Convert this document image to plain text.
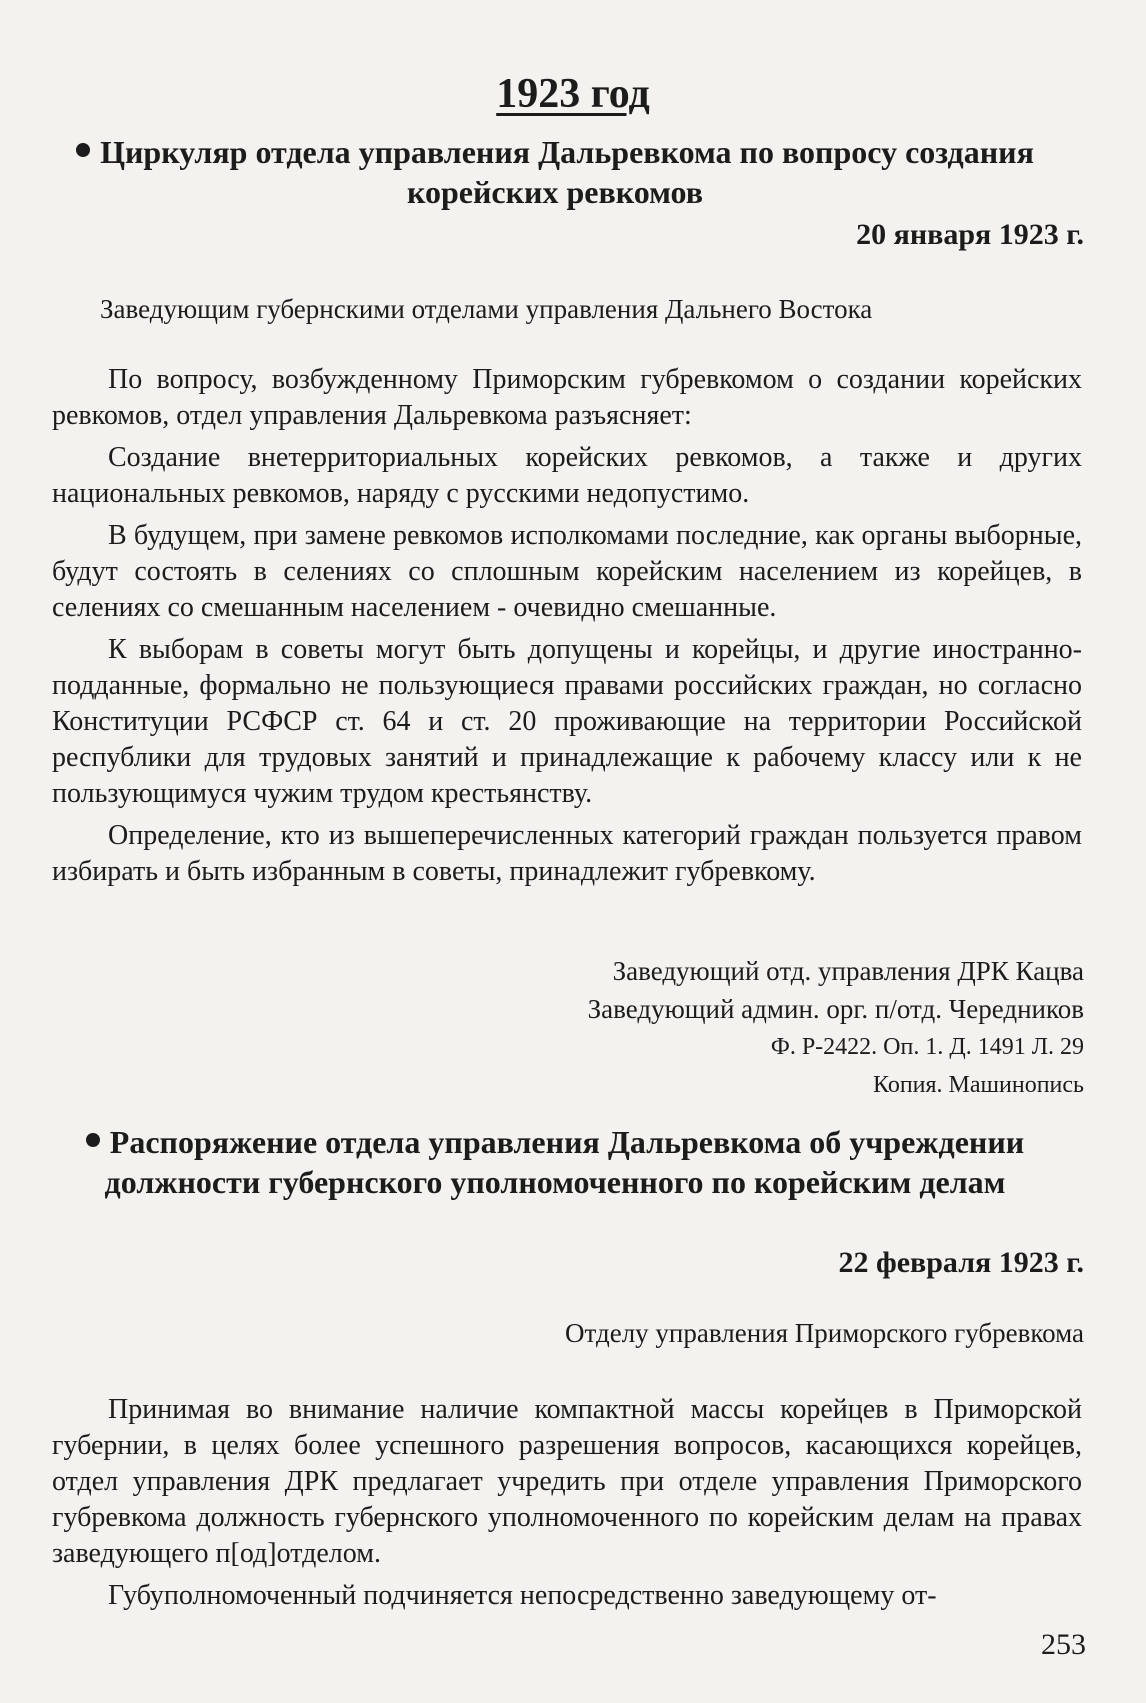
1923 год
Циркуляр отдела управления Дальревкома по вопросу создания
корейских ревкомов
20 января 1923 г.
Заведующим губернскими отделами управления Дальнего Востока

По вопросу, возбужденному Приморским губревкомом о создании корейских ревкомов, отдел управления Дальревкома разъясняет:

Создание внетерриториальных корейских ревкомов, а также и других национальных ревкомов, наряду с русскими недопустимо.

В будущем, при замене ревкомов исполкомами последние, как органы выборные, будут состоять в селениях со сплошным корейским населением из корейцев, в селениях со смешанным населением - очевидно смешанные.

К выборам в советы могут быть допущены и корейцы, и другие иностранно-подданные, формально не пользующиеся правами российских граждан, но согласно Конституции РСФСР ст. 64 и ст. 20 проживающие на территории Российской республики для трудовых занятий и принадлежащие к рабочему классу или к не пользующимуся чужим трудом крестьянству.

Определение, кто из вышеперечисленных категорий граждан пользуется правом избирать и быть избранным в советы, принадлежит губревкому.

Заведующий отд. управления ДРК Кацва
Заведующий админ. орг. п/отд. Чередников
Ф. Р-2422. Оп. 1. Д. 1491 Л. 29
Копия. Машинопись
Распоряжение отдела управления Дальревкома об учреждении
должности губернского уполномоченного по корейским делам
22 февраля 1923 г.
Отделу управления Приморского губревкома

Принимая во внимание наличие компактной массы корейцев в Приморской губернии, в целях более успешного разрешения вопросов, касающихся корейцев, отдел управления ДРК предлагает учредить при отделе управления Приморского губревкома должность губернского уполномоченного по корейским делам на правах заведующего п[од]отделом.

Губуполномоченный подчиняется непосредственно заведующему от-

253
